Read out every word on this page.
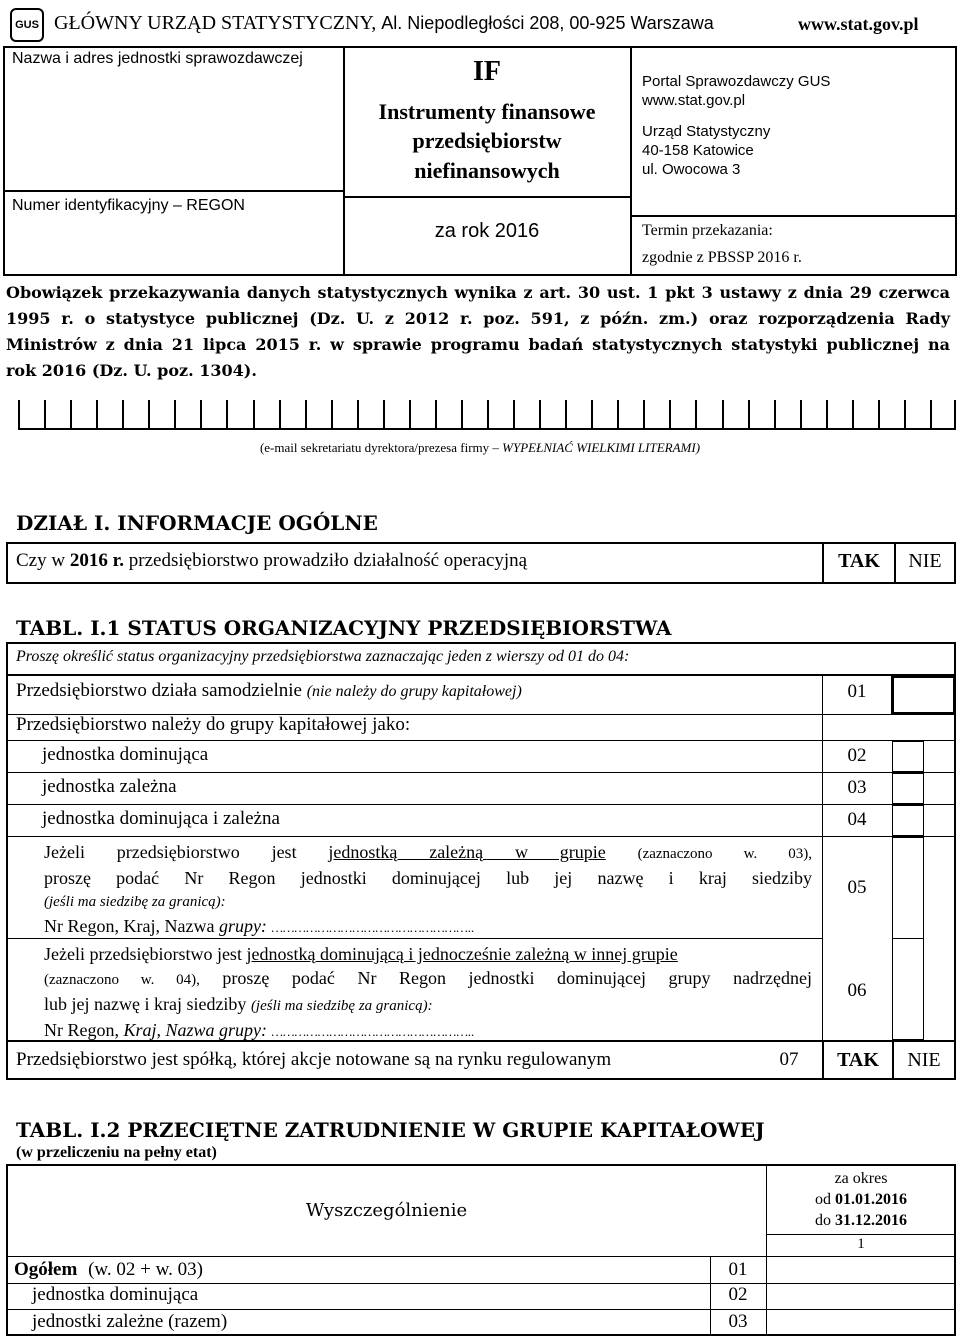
GUS GŁÓWNY URZĄD STATYSTYCZNY, Al. Niepodległości 208, 00-925 Warszawa	www.stat.gov.pl
Nazwa i adres jednostki sprawozdawczej
Numer identyfikacyjny – REGON
IF
Instrumenty finansowe
przedsiębiorstw
niefinansowych
za rok 2016
Portal Sprawozdawczy GUS
www.stat.gov.pl
Urząd Statystyczny
40-158 Katowice
ul. Owocowa 3
Termin przekazania:
zgodnie z PBSSP 2016 r.
Obowiązek przekazywania danych statystycznych wynika z art. 30 ust. 1 pkt 3 ustawy z dnia 29 czerwca
1995 r. o statystyce publicznej (Dz. U. z 2012 r. poz. 591, z późn. zm.) oraz rozporządzenia Rady
Ministrów z dnia 21 lipca 2015 r. w sprawie programu badań statystycznych statystyki publicznej na
rok 2016 (Dz. U. poz. 1304).
(e-mail sekretariatu dyrektora/prezesa firmy – WYPEŁNIAĆ WIELKIMI LITERAMI)
DZIAŁ I. INFORMACJE OGÓLNE
Czy w 2016 r. przedsiębiorstwo prowadziło działalność operacyjną	TAK	NIE
TABL. I.1 STATUS ORGANIZACYJNY PRZEDSIĘBIORSTWA
Proszę określić status organizacyjny przedsiębiorstwa zaznaczając jeden z wierszy od 01 do 04:
Przedsiębiorstwo działa samodzielnie (nie należy do grupy kapitałowej)	01
Przedsiębiorstwo należy do grupy kapitałowej jako:
jednostka dominująca	02
jednostka zależna	03
jednostka dominująca i zależna	04
Jeżeli przedsiębiorstwo jest jednostką zależną w grupie (zaznaczono w. 03),
proszę podać Nr Regon jednostki dominującej lub jej nazwę i kraj siedziby
(jeśli ma siedzibę za granicą):
Nr Regon, Kraj, Nazwa grupy: ……………………………………………..
05
Jeżeli przedsiębiorstwo jest jednostką dominującą i jednocześnie zależną w innej grupie
(zaznaczono w. 04), proszę podać Nr Regon jednostki dominującej grupy nadrzędnej
lub jej nazwę i kraj siedziby (jeśli ma siedzibę za granicą):
Nr Regon, Kraj, Nazwa grupy: ……………………………………………..
06
Przedsiębiorstwo jest spółką, której akcje notowane są na rynku regulowanym	07	TAK	NIE
TABL. I.2 PRZECIĘTNE ZATRUDNIENIE W GRUPIE KAPITAŁOWEJ
(w przeliczeniu na pełny etat)
Wyszczególnienie
za okres
od 01.01.2016
do 31.12.2016
1
Ogółem (w. 02 + w. 03)	01
jednostka dominująca	02
jednostki zależne (razem)	03
